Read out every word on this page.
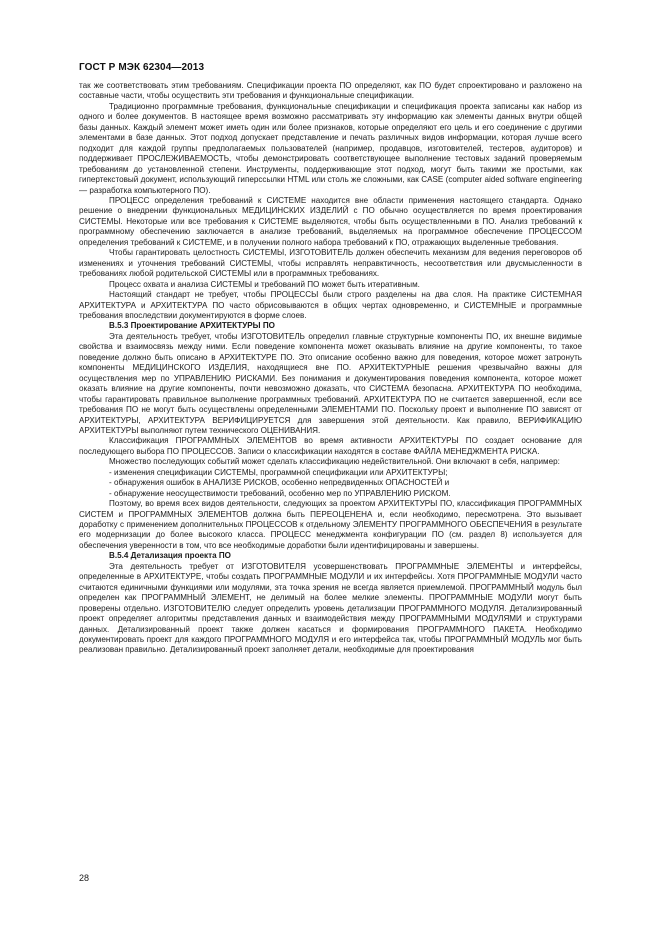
ГОСТ Р МЭК 62304—2013

так же соответствовать этим требованиям. Спецификации проекта ПО определяют, как ПО будет спроектировано и разложено на составные части, чтобы осуществить эти требования и функциональные спецификации.

Традиционно программные требования, функциональные спецификации и спецификация проекта записаны как набор из одного и более документов. В настоящее время возможно рассматривать эту информацию как элементы данных внутри общей базы данных. Каждый элемент может иметь один или более признаков, которые определяют его цель и его соединение с другими элементами в базе данных. Этот подход допускает представление и печать различных видов информации, которая лучше всего подходит для каждой группы предполагаемых пользователей (например, продавцов, изготовителей, тестеров, аудиторов) и поддерживает ПРОСЛЕЖИВАЕМОСТЬ, чтобы демонстрировать соответствующее выполнение тестовых заданий проверяемым требованиям до установленной степени. Инструменты, поддерживающие этот подход, могут быть такими же простыми, как гипертекстовый документ, использующий гиперссылки HTML или столь же сложными, как CASE (computer aided software engineering — разработка компьютерного ПО).

ПРОЦЕСС определения требований к СИСТЕМЕ находится вне области применения настоящего стандарта. Однако решение о внедрении функциональных МЕДИЦИНСКИХ ИЗДЕЛИЙ с ПО обычно осуществляется по время проектирования СИСТЕМЫ. Некоторые или все требования к СИСТЕМЕ выделяются, чтобы быть осуществленными в ПО. Анализ требований к программному обеспечению заключается в анализе требований, выделяемых на программное обеспечение ПРОЦЕССОМ определения требований к СИСТЕМЕ, и в получении полного набора требований к ПО, отражающих выделенные требования.

Чтобы гарантировать целостность СИСТЕМЫ, ИЗГОТОВИТЕЛЬ должен обеспечить механизм для ведения переговоров об изменениях и уточнения требований СИСТЕМЫ, чтобы исправлять неправктичность, несоответствия или двусмысленности в требованиях любой родительской СИСТЕМЫ или в программных требованиях.

Процесс охвата и анализа СИСТЕМЫ и требований ПО может быть итеративным.

Настоящий стандарт не требует, чтобы ПРОЦЕССЫ были строго разделены на два слоя. На практике СИСТЕМНАЯ АРХИТЕКТУРА и АРХИТЕКТУРА ПО часто обрисовываются в общих чертах одновременно, и СИСТЕМНЫЕ и программные требования впоследствии документируются в форме слоев.

B.5.3 Проектирование АРХИТЕКТУРЫ ПО

Эта деятельность требует, чтобы ИЗГОТОВИТЕЛЬ определил главные структурные компоненты ПО, их внешне видимые свойства и взаимосвязь между ними. Если поведение компонента может оказывать влияние на другие компоненты, то такое поведение должно быть описано в АРХИТЕКТУРЕ ПО. Это описание особенно важно для поведения, которое может затронуть компоненты МЕДИЦИНСКОГО ИЗДЕЛИЯ, находящиеся вне ПО. АРХИТЕКТУРНЫЕ решения чрезвычайно важны для осуществления мер по УПРАВЛЕНИЮ РИСКАМИ. Без понимания и документирования поведения компонента, которое может оказать влияние на другие компоненты, почти невозможно доказать, что СИСТЕМА безопасна. АРХИТЕКТУРА ПО необходима, чтобы гарантировать правильное выполнение программных требований. АРХИТЕКТУРА ПО не считается завершенной, если все требования ПО не могут быть осуществлены определенными ЭЛЕМЕНТАМИ ПО. Поскольку проект и выполнение ПО зависят от АРХИТЕКТУРЫ, АРХИТЕКТУРА ВЕРИФИЦИРУЕТСЯ для завершения этой деятельности. Как правило, ВЕРИФИКАЦИЮ АРХИТЕКТУРЫ выполняют путем технического ОЦЕНИВАНИЯ.

Классификация ПРОГРАММНЫХ ЭЛЕМЕНТОВ во время активности АРХИТЕКТУРЫ ПО создает основание для последующего выбора ПО ПРОЦЕССОВ. Записи о классификации находятся в составе ФАЙЛА МЕНЕДЖМЕНТА РИСКА.

Множество последующих событий может сделать классификацию недействительной. Они включают в себя, например:

- изменения спецификации СИСТЕМЫ, программной спецификации или АРХИТЕКТУРЫ;

- обнаружения ошибок в АНАЛИЗЕ РИСКОВ, особенно непредвиденных ОПАСНОСТЕЙ и

- обнаружение неосуществимости требований, особенно мер по УПРАВЛЕНИЮ РИСКОМ.

Поэтому, во время всех видов деятельности, следующих за проектом АРХИТЕКТУРЫ ПО, классификация ПРОГРАММНЫХ СИСТЕМ и ПРОГРАММНЫХ ЭЛЕМЕНТОВ должна быть ПЕРЕОЦЕНЕНА и, если необходимо, пересмотрена. Это вызывает доработку с применением дополнительных ПРОЦЕССОВ к отдельному ЭЛЕМЕНТУ ПРОГРАММНОГО ОБЕСПЕЧЕНИЯ в результате его модернизации до более высокого класса. ПРОЦЕСС менеджмента конфигурации ПО (см. раздел 8) используется для обеспечения уверенности в том, что все необходимые доработки были идентифицированы и завершены.

B.5.4 Детализация проекта ПО

Эта деятельность требует от ИЗГОТОВИТЕЛЯ усовершенствовать ПРОГРАММНЫЕ ЭЛЕМЕНТЫ и интерфейсы, определенные в АРХИТЕКТУРЕ, чтобы создать ПРОГРАММНЫЕ МОДУЛИ и их интерфейсы. Хотя ПРОГРАММНЫЕ МОДУЛИ часто считаются единичными функциями или модулями, эта точка зрения не всегда является приемлемой. ПРОГРАММНЫЙ модуль был определен как ПРОГРАММНЫЙ ЭЛЕМЕНТ, не делимый на более мелкие элементы. ПРОГРАММНЫЕ МОДУЛИ могут быть проверены отдельно. ИЗГОТОВИТЕЛЮ следует определить уровень детализации ПРОГРАММНОГО МОДУЛЯ. Детализированный проект определяет алгоритмы представления данных и взаимодействия между ПРОГРАММНЫМИ МОДУЛЯМИ и структурами данных. Детализированный проект также должен касаться и формирования ПРОГРАММНОГО ПАКЕТА. Необходимо документировать проект для каждого ПРОГРАММНОГО МОДУЛЯ и его интерфейса так, чтобы ПРОГРАММНЫЙ МОДУЛЬ мог быть реализован правильно. Детализированный проект заполняет детали, необходимые для проектирования

28
